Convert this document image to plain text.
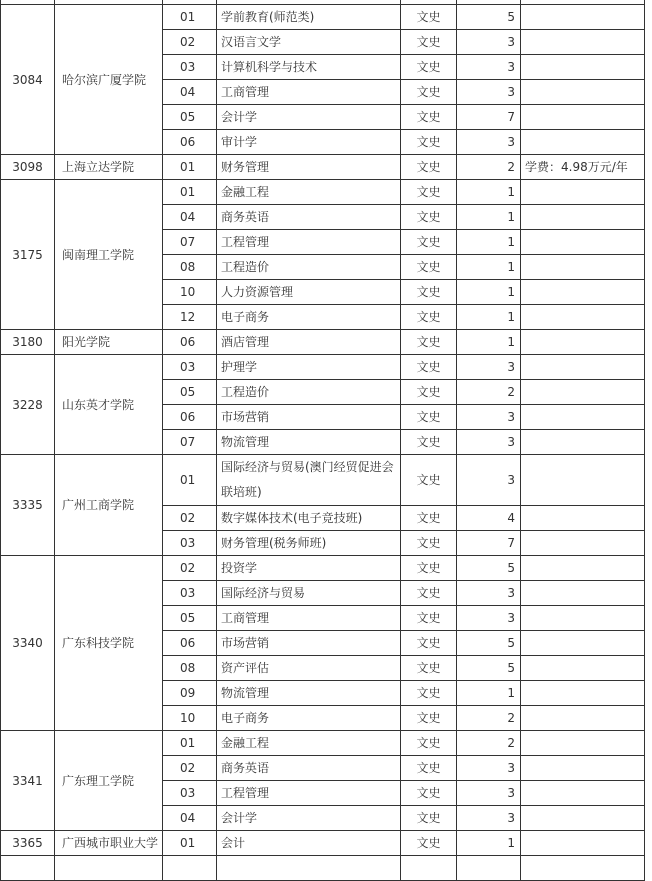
3084	哈尔滨广厦学院	01	学前教育(师范类)	文史	5	
		02	汉语言文学	文史	3	
		03	计算机科学与技术	文史	3	
		04	工商管理	文史	3	
		05	会计学	文史	7	
		06	审计学	文史	3	
3098	上海立达学院	01	财务管理	文史	2	学费：4.98万元/年
3175	闽南理工学院	01	金融工程	文史	1	
		04	商务英语	文史	1	
		07	工程管理	文史	1	
		08	工程造价	文史	1	
		10	人力资源管理	文史	1	
		12	电子商务	文史	1	
3180	阳光学院	06	酒店管理	文史	1	
3228	山东英才学院	03	护理学	文史	3	
		05	工程造价	文史	2	
		06	市场营销	文史	3	
		07	物流管理	文史	3	
3335	广州工商学院	01	国际经济与贸易(澳门经贸促进会联培班)	文史	3	
		02	数字媒体技术(电子竞技班)	文史	4	
		03	财务管理(税务师班)	文史	7	
3340	广东科技学院	02	投资学	文史	5	
		03	国际经济与贸易	文史	3	
		05	工商管理	文史	3	
		06	市场营销	文史	5	
		08	资产评估	文史	5	
		09	物流管理	文史	1	
		10	电子商务	文史	2	
3341	广东理工学院	01	金融工程	文史	2	
		02	商务英语	文史	3	
		03	工程管理	文史	3	
		04	会计学	文史	3	
3365	广西城市职业大学	01	会计	文史	1	
